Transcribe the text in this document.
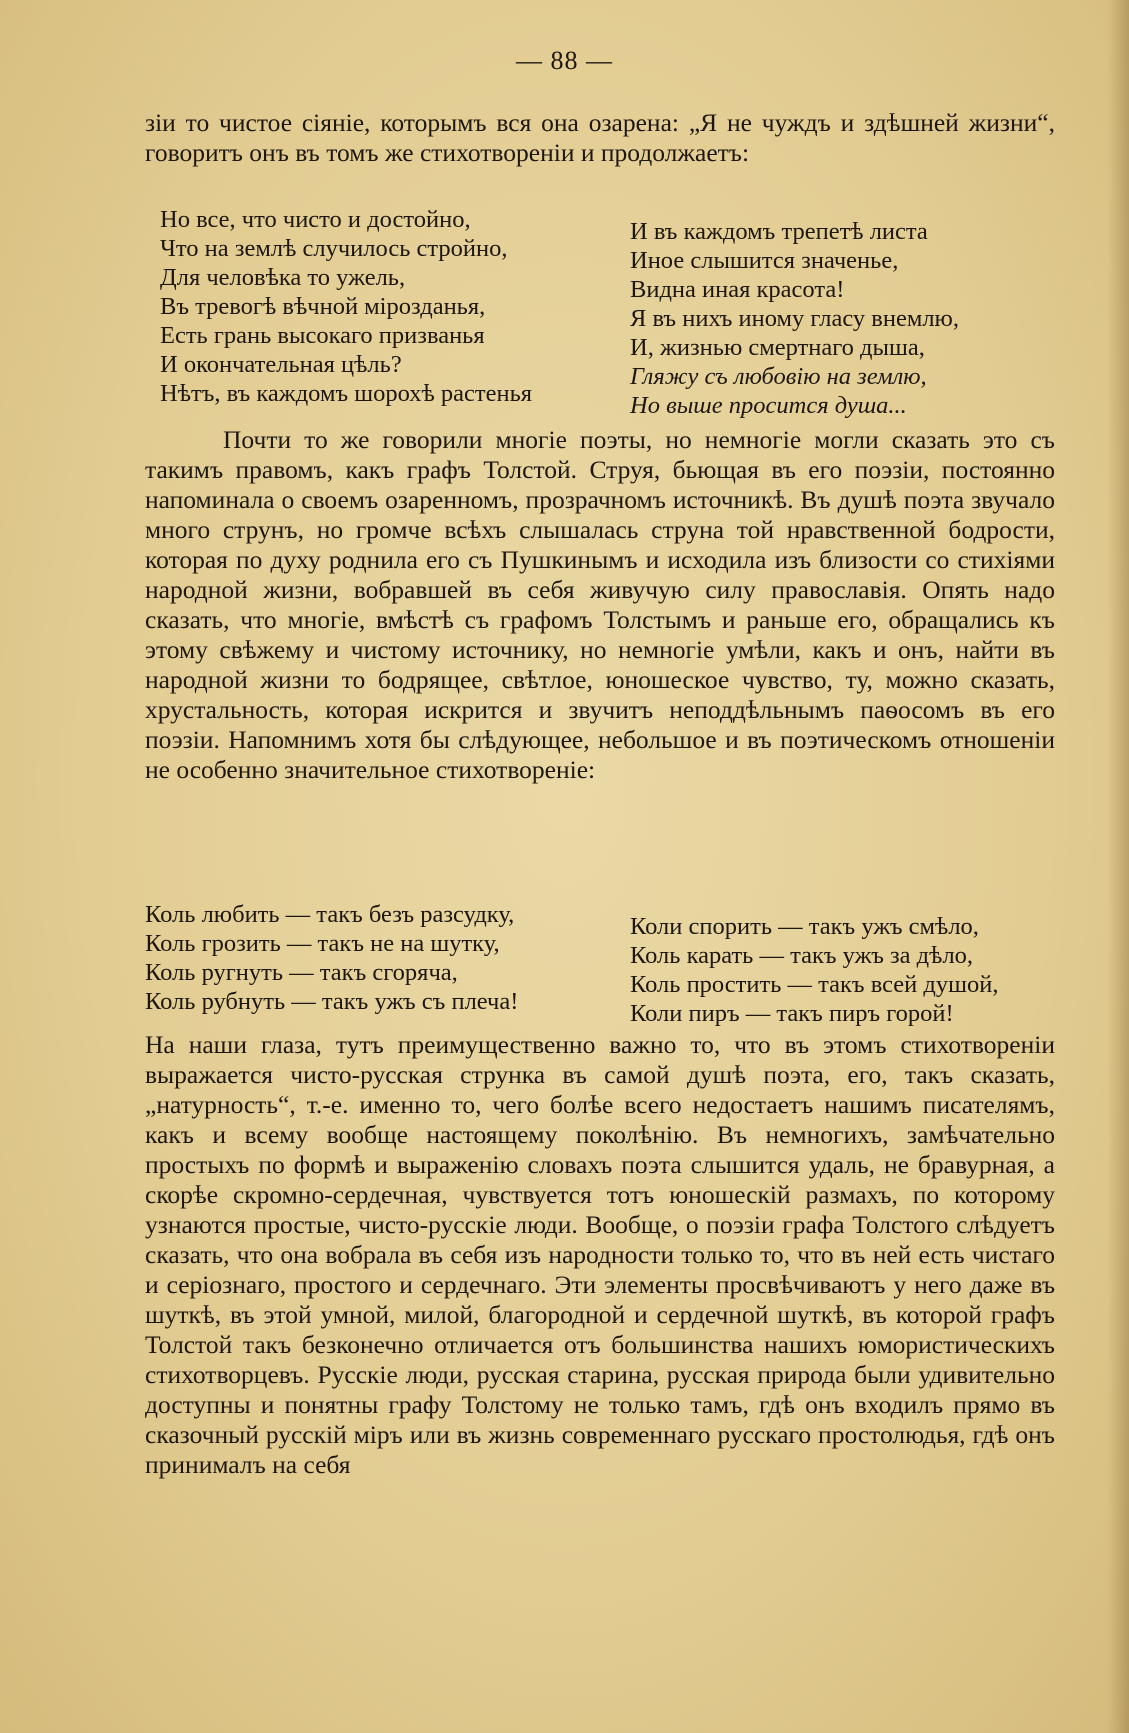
— 88 —

зіи то чистое сіяніе, которымъ вся она озарена: „Я не чуждъ и здѣшней жизни“, говоритъ онъ въ томъ же стихотвореніи и продолжаетъ:

Но все, что чисто и достойно,
Что на землѣ случилось стройно,
Для человѣка то ужель,
Въ тревогѣ вѣчной мірозданья,
Есть грань высокаго призванья
И окончательная цѣль?
Нѣтъ, въ каждомъ шорохѣ растенья
И въ каждомъ трепетѣ листа
Иное слышится значенье,
Видна иная красота!
Я въ нихъ иному гласу внемлю,
И, жизнью смертнаго дыша,
Гляжу съ любовію на землю,
Но выше просится душа...

Почти то же говорили многіе поэты, но немногіе могли сказать это съ такимъ правомъ, какъ графъ Толстой. Струя, бьющая въ его поэзіи, постоянно напоминала о своемъ озаренномъ, прозрачномъ источникѣ. Въ душѣ поэта звучало много струнъ, но громче всѣхъ слышалась струна той нравственной бодрости, которая по духу роднила его съ Пушкинымъ и исходила изъ близости со стихіями народной жизни, вобравшей въ себя живучую силу православія. Опять надо сказать, что многіе, вмѣстѣ съ графомъ Толстымъ и раньше его, обращались къ этому свѣжему и чистому источнику, но немногіе умѣли, какъ и онъ, найти въ народной жизни то бодрящее, свѣтлое, юношеское чувство, ту, можно сказать, хрустальность, которая искрится и звучитъ неподдѣльнымъ паѳосомъ въ его поэзіи. Напомнимъ хотя бы слѣдующее, небольшое и въ поэтическомъ отношеніи не особенно значительное стихотвореніе:

Коль любить — такъ безъ разсудку,
Коль грозить — такъ не на шутку,
Коль ругнуть — такъ сгоряча,
Коль рубнуть — такъ ужъ съ плеча!
Коли спорить — такъ ужъ смѣло,
Коль карать — такъ ужъ за дѣло,
Коль простить — такъ всей душой,
Коли пиръ — такъ пиръ горой!

На наши глаза, тутъ преимущественно важно то, что въ этомъ стихотвореніи выражается чисто-русская струнка въ самой душѣ поэта, его, такъ сказать, „натурность“, т.-е. именно то, чего болѣе всего недостаетъ нашимъ писателямъ, какъ и всему вообще настоящему поколѣнію. Въ немногихъ, замѣчательно простыхъ по формѣ и выраженію словахъ поэта слышится удаль, не бравурная, а скорѣе скромно-сердечная, чувствуется тотъ юношескій размахъ, по которому узнаются простые, чисто-русскіе люди. Вообще, о поэзіи графа Толстого слѣдуетъ сказать, что она вобрала въ себя изъ народности только то, что въ ней есть чистаго и серіознаго, простого и сердечнаго. Эти элементы просвѣчиваютъ у него даже въ шуткѣ, въ этой умной, милой, благородной и сердечной шуткѣ, въ которой графъ Толстой такъ безконечно отличается отъ большинства нашихъ юмористическихъ стихотворцевъ. Русскіе люди, русская старина, русская природа были удивительно доступны и понятны графу Толстому не только тамъ, гдѣ онъ входилъ прямо въ сказочный русскій міръ или въ жизнь современнаго русскаго простолюдья, гдѣ онъ принималъ на себя
